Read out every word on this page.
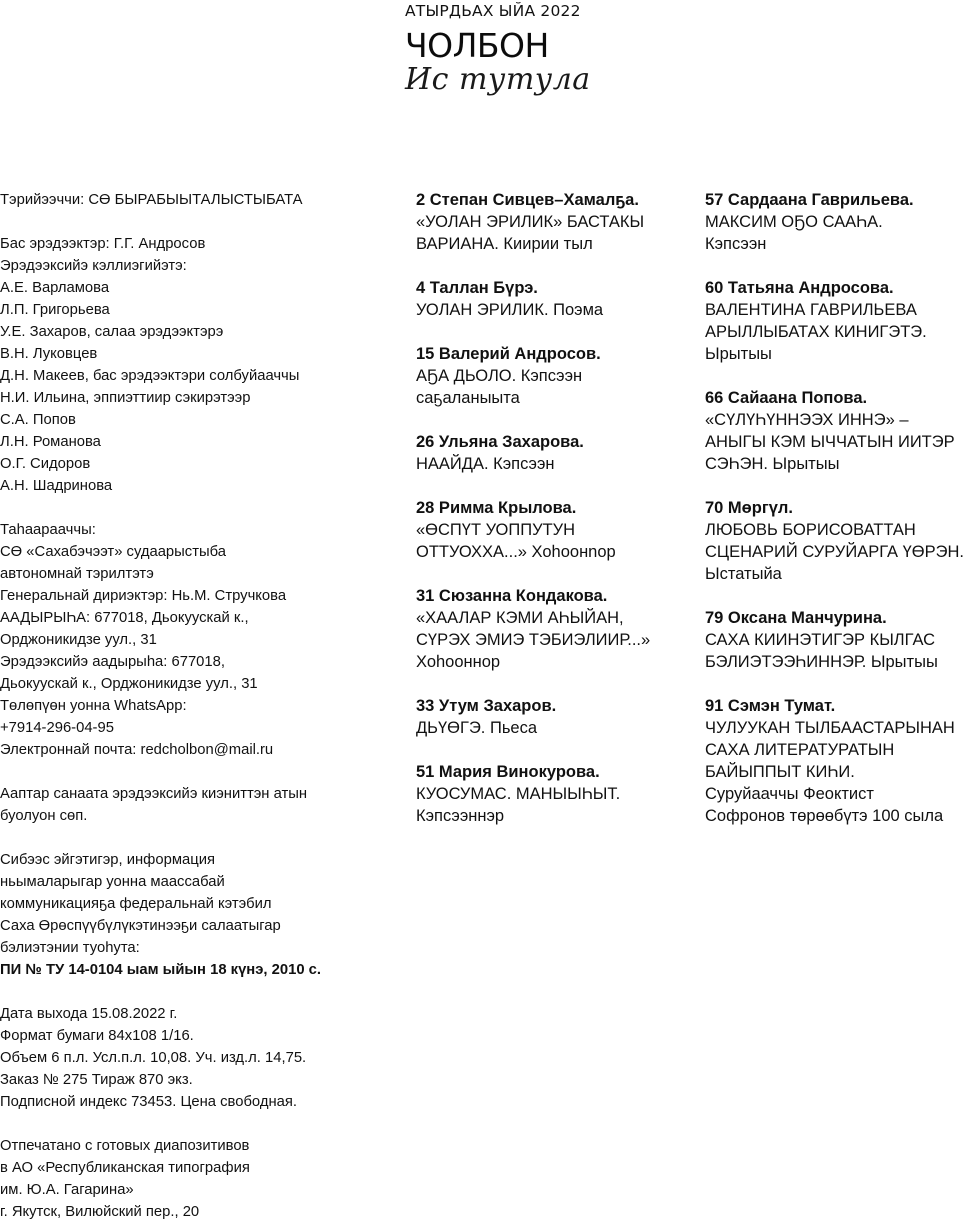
АТЫРДЬАХ ЫЙА 2022
ЧОЛБОН
Ис тутула
Тэрийээччи: СӨ БЫРАБЫЫТАЛЫСТЫБАТА
Бас эрэдээктэр: Г.Г. Андросов
Эрэдээксийэ кэллиэгийэтэ:
А.Е. Варламова
Л.П. Григорьева
У.Е. Захаров, салаа эрэдээктэрэ
В.Н. Луковцев
Д.Н. Макеев, бас эрэдээктэри солбуйааччы
Н.И. Ильина, эппиэттиир сэкирэтээр
С.А. Попов
Л.Н. Романова
О.Г. Сидоров
А.Н. Шадринова
Таһаарааччы:
СӨ «Сахабэчээт» судаарыстыба
автономнай тэрилтэтэ
Генеральнай дириэктэр: Нь.М. Стручкова
ААДЫРЫҺА: 677018, Дьокуускай к.,
Орджоникидзе уул., 31
Эрэдээксийэ аадырыһа: 677018,
Дьокуускай к., Орджоникидзе уул., 31
Төлөпүөн уонна WhatsApp:
+7914-296-04-95
Электроннай почта: redcholbon@mail.ru
Ааптар санаата эрэдээксийэ киэниттэн атын
буолуон сөп.
Сибээс эйгэтигэр, информация
ньымаларыгар уонна маассабай
коммуникацияҕа федеральнай кэтэбил
Саха Өрөспүүбүлүкэтинээҕи салаатыгар
бэлиэтэнии туоһута:
ПИ № ТУ 14-0104 ыам ыйын 18 күнэ, 2010 с.
Дата выхода 15.08.2022 г.
Формат бумаги 84x108 1/16.
Объем 6 п.л. Усл.п.л. 10,08. Уч. изд.л. 14,75.
Заказ № 275 Тираж 870 экз.
Подписной индекс 73453. Цена свободная.
Отпечатано с готовых диапозитивов
в АО «Республиканская типография
им. Ю.А. Гагарина»
г. Якутск, Вилюйский пер., 20
2 Степан Сивцев–Хамалҕа.
«УОЛАН ЭРИЛИК» БАСТАКЫ
ВАРИАНА. Киирии тыл
4 Таллан Бүрэ.
УОЛАН ЭРИЛИК. Поэма
15 Валерий Андросов.
АҔА ДЬОЛО. Кэпсээн
саҕаланыыта
26 Ульяна Захарова.
НААЙДА. Кэпсээн
28 Римма Крылова.
«ӨСПҮТ УОППУТУН
ОТТУОХХА...» Хоһоонnор
31 Сюзанна Кондакова.
«ХААЛАР КЭМИ АҺЫЙАН,
СҮРЭХ ЭМИЭ ТЭБИЭЛИИР...»
Хоһооннор
33 Утум Захаров.
ДЬҮӨГЭ. Пьеса
51 Мария Винокурова.
КУОСУМАС. МАНЫЫҺЫТ.
Кэпсээннэр
57 Сардаана Гаврильева.
МАКСИМ ОҔО СААҺА.
Кэпсээн
60 Татьяна Андросова.
ВАЛЕНТИНА ГАВРИЛЬЕВА
АРЫЛЛЫБАТАХ КИНИГЭТЭ.
Ырытыы
66 Сайаана Попова.
«СҮЛҮҺҮННЭЭХ ИННЭ» –
АНЫГЫ КЭМ ЫЧЧАТЫН ИИТЭР
СЭҺЭН. Ырытыы
70 Мөргүл.
ЛЮБОВЬ БОРИСОВАТТАН
СЦЕНАРИЙ СУРУЙАРГА ҮӨРЭН.
Ыстатыйа
79 Оксана Манчурина.
САХА КИИНЭТИГЭР КЫЛГАС
БЭЛИЭТЭЭҺИННЭР. Ырытыы
91 Сэмэн Тумат.
ЧУЛУУКАН ТЫЛБААСТАРЫНАН
САХА ЛИТЕРАТУРАТЫН
БАЙЫППЫТ КИҺИ.
Суруйааччы Феоктист
Софронов төрөөбүтэ 100 сыла
